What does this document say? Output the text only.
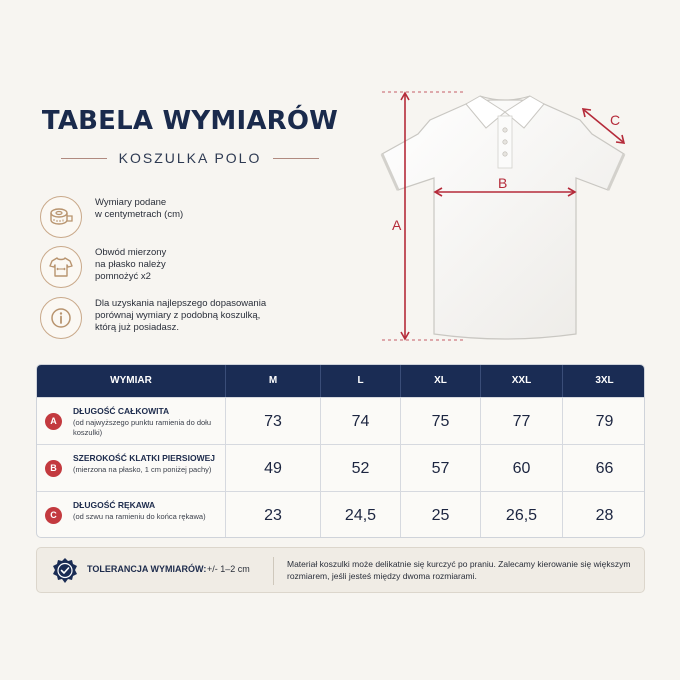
TABELA WYMIARÓW
KOSZULKA POLO
Wymiary podane
w centymetrach (cm)
Obwód mierzony
na płasko należy
pomnożyć x2
Dla uzyskania najlepszego dopasowania
porównaj wymiary z podobną koszulką,
którą już posiadasz.
A
B
C
WYMIAR	M	L	XL	XXL	3XL
A
DŁUGOŚĆ CAŁKOWITA
(od najwyższego punktu ramienia do dołu koszulki)
73	74	75	77	79
B
SZEROKOŚĆ KLATKI PIERSIOWEJ
(mierzona na płasko, 1 cm poniżej pachy)	49	52	57	60	66
C
DŁUGOŚĆ RĘKAWA
(od szwu na ramieniu do końca rękawa)	23	24,5	25	26,5	28
TOLERANCJA WYMIARÓW: +/- 1–2 cm	Materiał koszulki może delikatnie się kurczyć po praniu. Zalecamy kierowanie się większym rozmiarem, jeśli jesteś między dwoma rozmiarami.
